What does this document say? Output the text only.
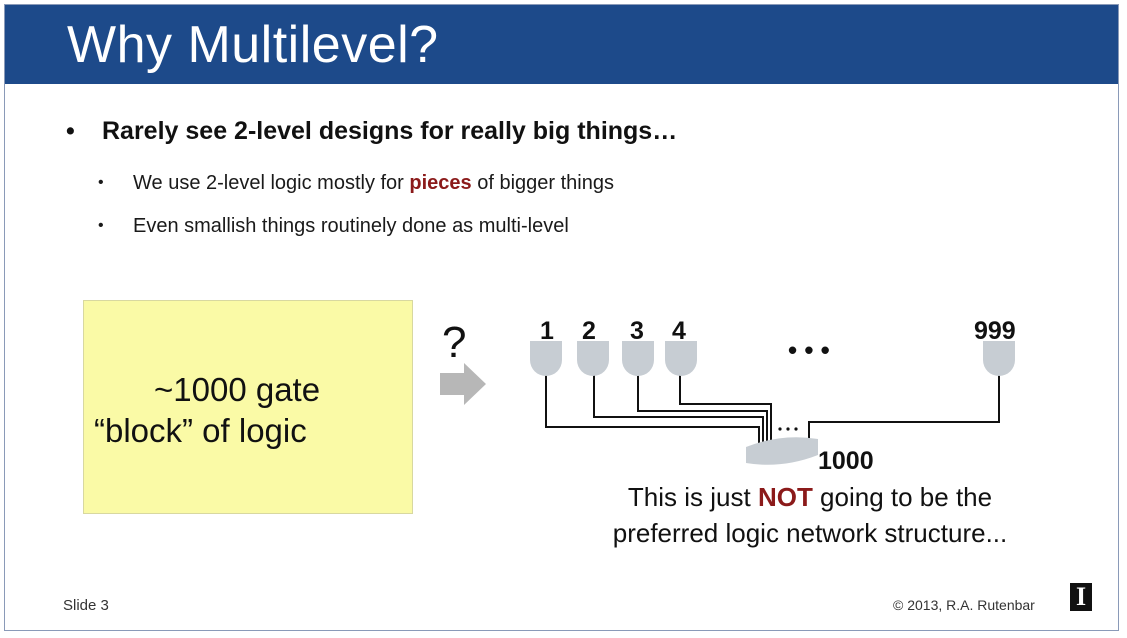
Why Multilevel?
• Rarely see 2-level designs for really big things…
• We use 2-level logic mostly for pieces of bigger things
• Even smallish things routinely done as multi-level
~1000 gate
“block” of logic
?	1 2 3 4	999
1000
• • •
This is just NOT going to be the
preferred logic network structure...
Slide 3	© 2013, R.A. Rutenbar I
